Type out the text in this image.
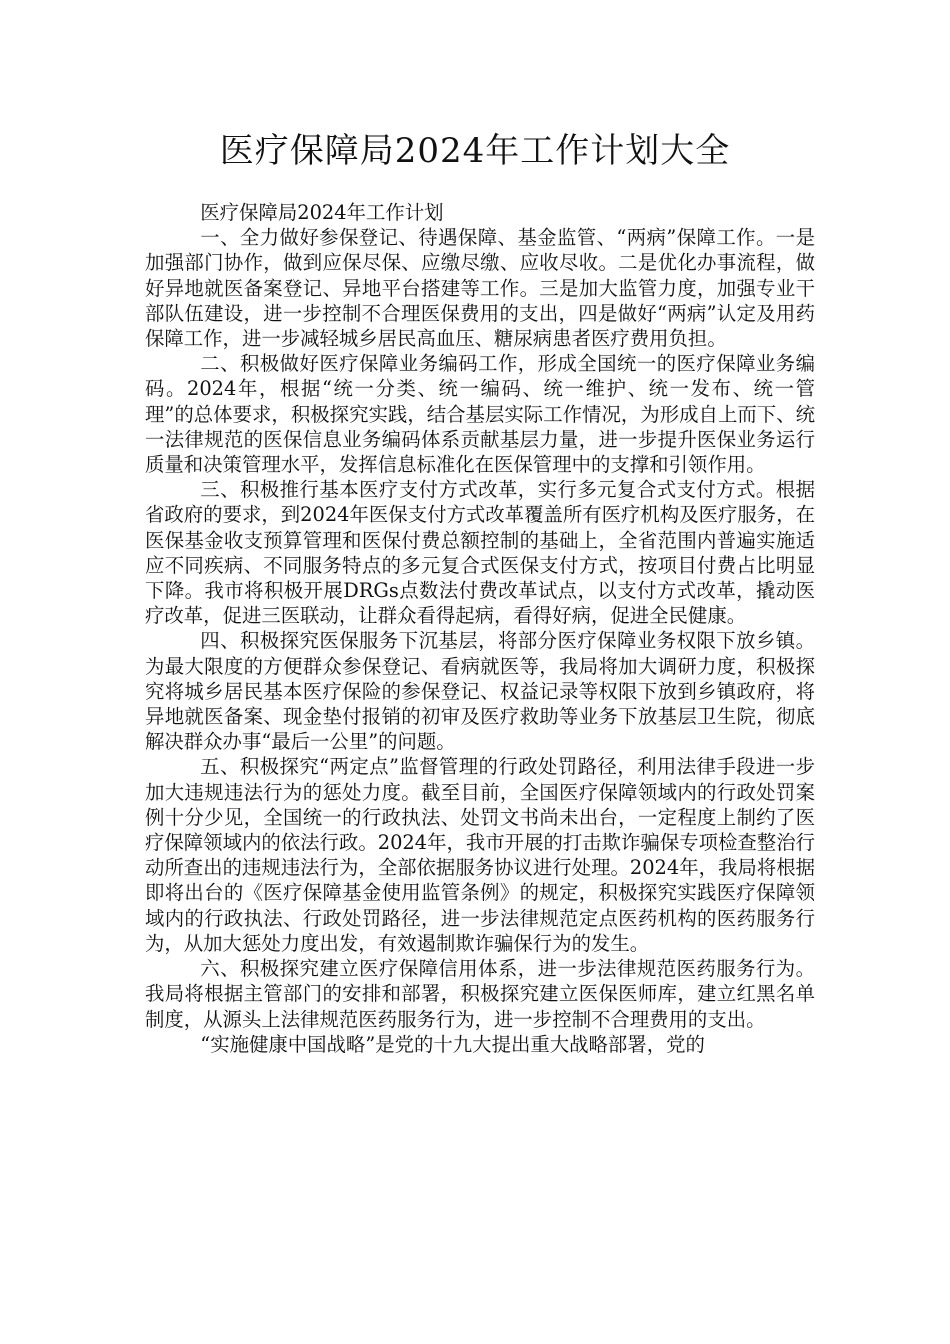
医疗保障局2024年工作计划大全

医疗保障局2024年工作计划

一、全力做好参保登记、待遇保障、基金监管、“两病”保障工作。一是加强部门协作，做到应保尽保、应缴尽缴、应收尽收。二是优化办事流程，做好异地就医备案登记、异地平台搭建等工作。三是加大监管力度，加强专业干部队伍建设，进一步控制不合理医保费用的支出，四是做好“两病”认定及用药保障工作，进一步减轻城乡居民高血压、糖尿病患者医疗费用负担。

二、积极做好医疗保障业务编码工作，形成全国统一的医疗保障业务编码。2024年，根据“统一分类、统一编码、统一维护、统一发布、统一管理”的总体要求，积极探究实践，结合基层实际工作情况，为形成自上而下、统一法律规范的医保信息业务编码体系贡献基层力量，进一步提升医保业务运行质量和决策管理水平，发挥信息标准化在医保管理中的支撑和引领作用。

三、积极推行基本医疗支付方式改革，实行多元复合式支付方式。根据省政府的要求，到2024年医保支付方式改革覆盖所有医疗机构及医疗服务，在医保基金收支预算管理和医保付费总额控制的基础上，全省范围内普遍实施适应不同疾病、不同服务特点的多元复合式医保支付方式，按项目付费占比明显下降。我市将积极开展DRGs点数法付费改革试点，以支付方式改革，撬动医疗改革，促进三医联动，让群众看得起病，看得好病，促进全民健康。

四、积极探究医保服务下沉基层，将部分医疗保障业务权限下放乡镇。为最大限度的方便群众参保登记、看病就医等，我局将加大调研力度，积极探究将城乡居民基本医疗保险的参保登记、权益记录等权限下放到乡镇政府，将异地就医备案、现金垫付报销的初审及医疗救助等业务下放基层卫生院，彻底解决群众办事“最后一公里”的问题。

五、积极探究“两定点”监督管理的行政处罚路径，利用法律手段进一步加大违规违法行为的惩处力度。截至目前，全国医疗保障领域内的行政处罚案例十分少见，全国统一的行政执法、处罚文书尚未出台，一定程度上制约了医疗保障领域内的依法行政。2024年，我市开展的打击欺诈骗保专项检查整治行动所查出的违规违法行为，全部依据服务协议进行处理。2024年，我局将根据即将出台的《医疗保障基金使用监管条例》的规定，积极探究实践医疗保障领域内的行政执法、行政处罚路径，进一步法律规范定点医药机构的医药服务行为，从加大惩处力度出发，有效遏制欺诈骗保行为的发生。

六、积极探究建立医疗保障信用体系，进一步法律规范医药服务行为。我局将根据主管部门的安排和部署，积极探究建立医保医师库，建立红黑名单制度，从源头上法律规范医药服务行为，进一步控制不合理费用的支出。

“实施健康中国战略”是党的十九大提出重大战略部署，党的
